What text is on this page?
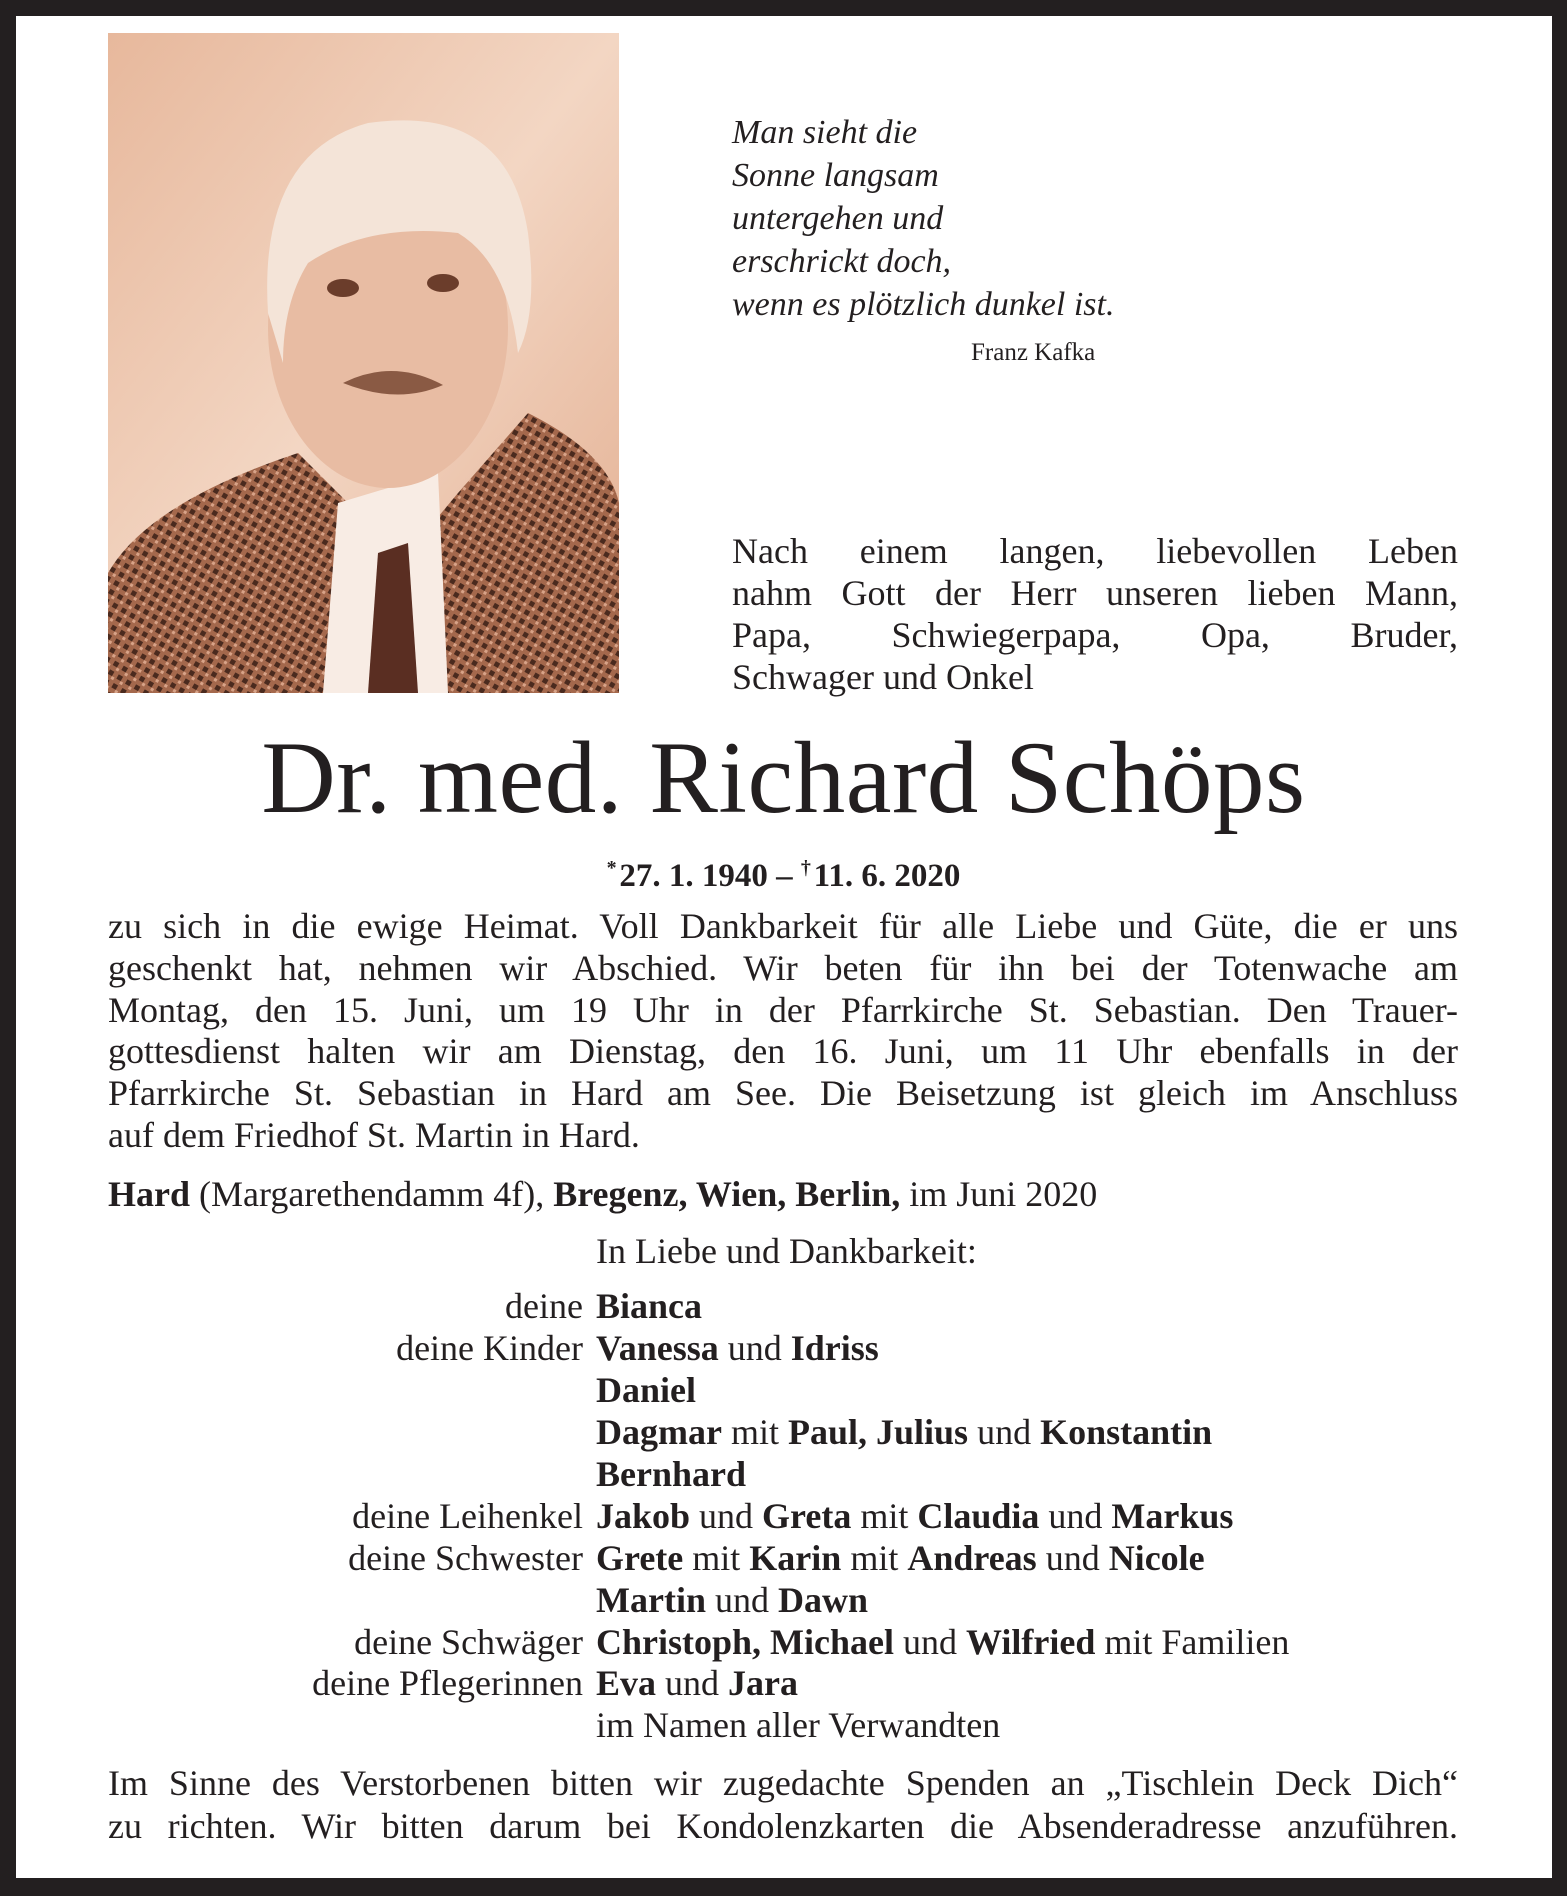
Man sieht die
Sonne langsam
untergehen und
erschrickt doch,
wenn es plötzlich dunkel ist.
Franz Kafka
Nach einem langen, liebevollen Leben
nahm Gott der Herr unseren lieben Mann,
Papa, Schwiegerpapa, Opa, Bruder,
Schwager und Onkel
Dr. med. Richard Schöps
* 27. 1. 1940 – † 11. 6. 2020
zu sich in die ewige Heimat. Voll Dankbarkeit für alle Liebe und Güte, die er uns
geschenkt hat, nehmen wir Abschied. Wir beten für ihn bei der Totenwache am
Montag, den 15. Juni, um 19 Uhr in der Pfarrkirche St. Sebastian. Den Trauer-
gottesdienst halten wir am Dienstag, den 16. Juni, um 11 Uhr ebenfalls in der
Pfarrkirche St. Sebastian in Hard am See. Die Beisetzung ist gleich im Anschluss
auf dem Friedhof St. Martin in Hard.
Hard (Margarethendamm 4f), Bregenz, Wien, Berlin, im Juni 2020
In Liebe und Dankbarkeit:
deine Bianca
deine Kinder Vanessa und Idriss
Daniel
Dagmar mit Paul, Julius und Konstantin
Bernhard
deine Leihenkel Jakob und Greta mit Claudia und Markus
deine Schwester Grete mit Karin mit Andreas und Nicole
Martin und Dawn
deine Schwäger Christoph, Michael und Wilfried mit Familien
deine Pflegerinnen Eva und Jara
im Namen aller Verwandten
Im Sinne des Verstorbenen bitten wir zugedachte Spenden an „Tischlein Deck Dich“
zu richten. Wir bitten darum bei Kondolenzkarten die Absenderadresse anzuführen.
